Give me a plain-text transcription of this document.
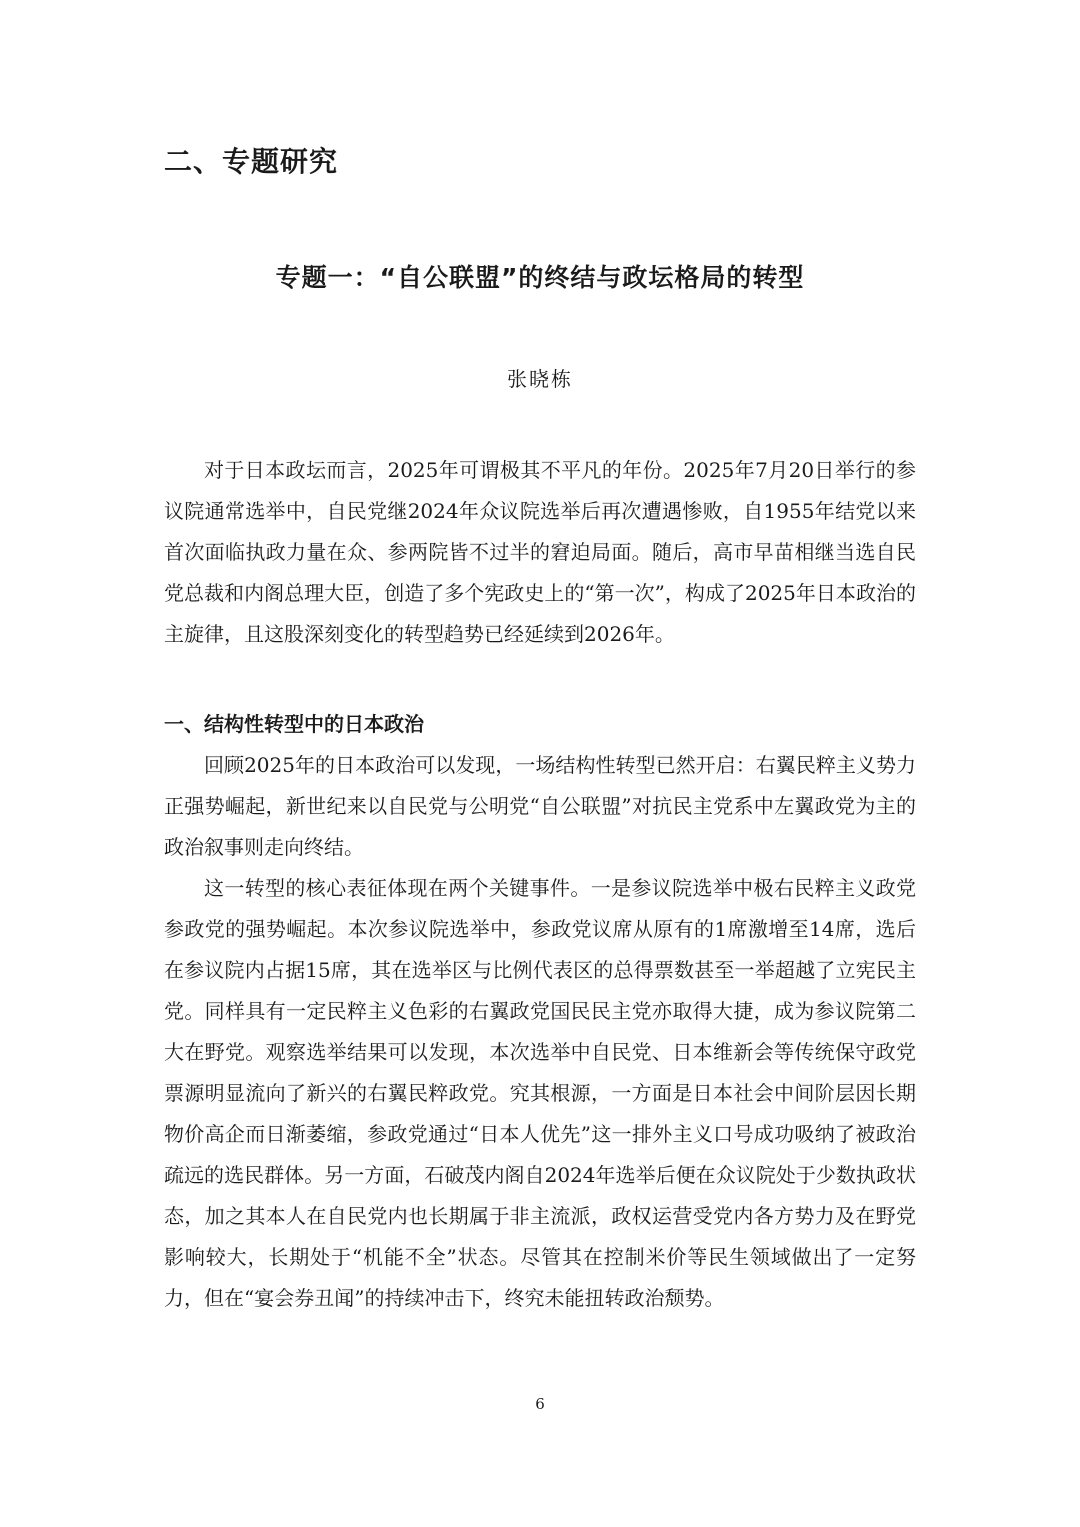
二、专题研究
专题一：“自公联盟”的终结与政坛格局的转型

张晓栋

对于日本政坛而言，2025年可谓极其不平凡的年份。2025年7月20日举行的参议院通常选举中，自民党继2024年众议院选举后再次遭遇惨败，自1955年结党以来首次面临执政力量在众、参两院皆不过半的窘迫局面。随后，高市早苗相继当选自民党总裁和内阁总理大臣，创造了多个宪政史上的“第一次”，构成了2025年日本政治的主旋律，且这股深刻变化的转型趋势已经延续到2026年。

一、结构性转型中的日本政治

回顾2025年的日本政治可以发现，一场结构性转型已然开启：右翼民粹主义势力正强势崛起，新世纪来以自民党与公明党“自公联盟”对抗民主党系中左翼政党为主的政治叙事则走向终结。

这一转型的核心表征体现在两个关键事件。一是参议院选举中极右民粹主义政党参政党的强势崛起。本次参议院选举中，参政党议席从原有的1席激增至14席，选后在参议院内占据15席，其在选举区与比例代表区的总得票数甚至一举超越了立宪民主党。同样具有一定民粹主义色彩的右翼政党国民民主党亦取得大捷，成为参议院第二大在野党。观察选举结果可以发现，本次选举中自民党、日本维新会等传统保守政党票源明显流向了新兴的右翼民粹政党。究其根源，一方面是日本社会中间阶层因长期物价高企而日渐萎缩，参政党通过“日本人优先”这一排外主义口号成功吸纳了被政治疏远的选民群体。另一方面，石破茂内阁自2024年选举后便在众议院处于少数执政状态，加之其本人在自民党内也长期属于非主流派，政权运营受党内各方势力及在野党影响较大，长期处于“机能不全”状态。尽管其在控制米价等民生领域做出了一定努力，但在“宴会券丑闻”的持续冲击下，终究未能扭转政治颓势。

6
